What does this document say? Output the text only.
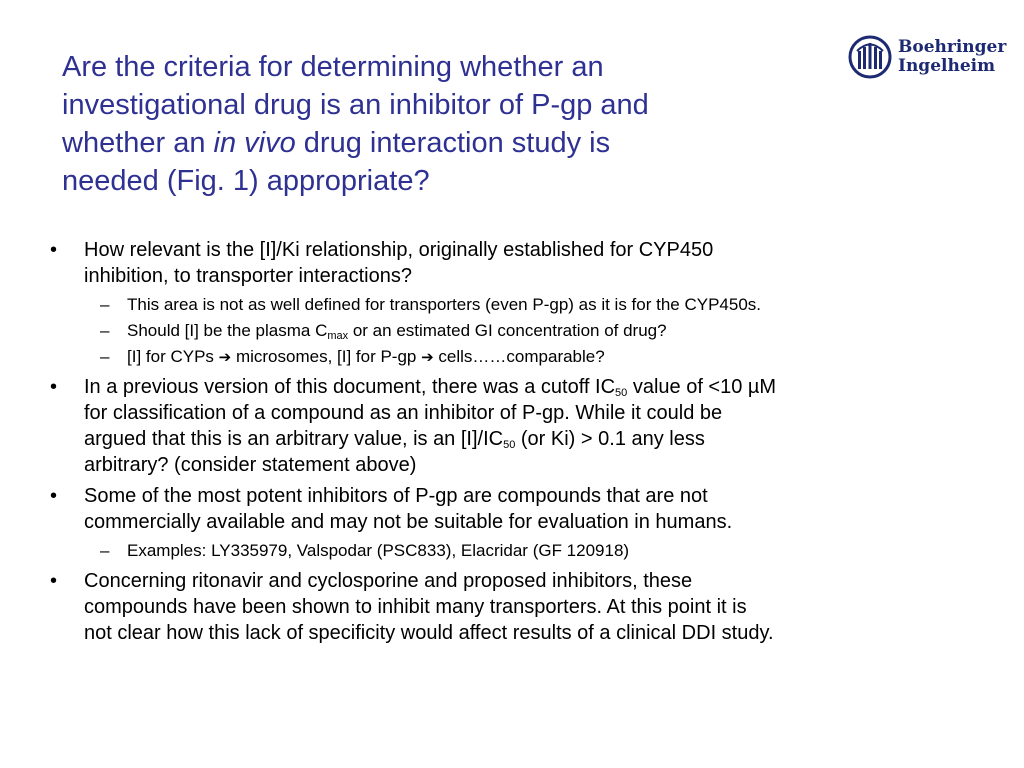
Are the criteria for determining whether an
investigational drug is an inhibitor of P-gp and
whether an in vivo drug interaction study is
needed (Fig. 1) appropriate?
Boehringer
Ingelheim
• How relevant is the [I]/Ki relationship, originally established for CYP450
inhibition, to transporter interactions?
– This area is not as well defined for transporters (even P-gp) as it is for the CYP450s.
– Should [I] be the plasma $C_{max}$ or an estimated GI concentration of drug?
– [I] for CYPs ➔ microsomes, [I] for P-gp ➔ cells……comparable?
• In a previous version of this document, there was a cutoff $IC_{50}$ value of <10 µM
for classification of a compound as an inhibitor of P-gp. While it could be
argued that this is an arbitrary value, is an $[I]/IC_{50}$ (or Ki) > 0.1 any less
arbitrary? (consider statement above)
• Some of the most potent inhibitors of P-gp are compounds that are not
commercially available and may not be suitable for evaluation in humans.
– Examples: LY335979, Valspodar (PSC833), Elacridar (GF 120918)
• Concerning ritonavir and cyclosporine and proposed inhibitors, these
compounds have been shown to inhibit many transporters. At this point it is
not clear how this lack of specificity would affect results of a clinical DDI study.
